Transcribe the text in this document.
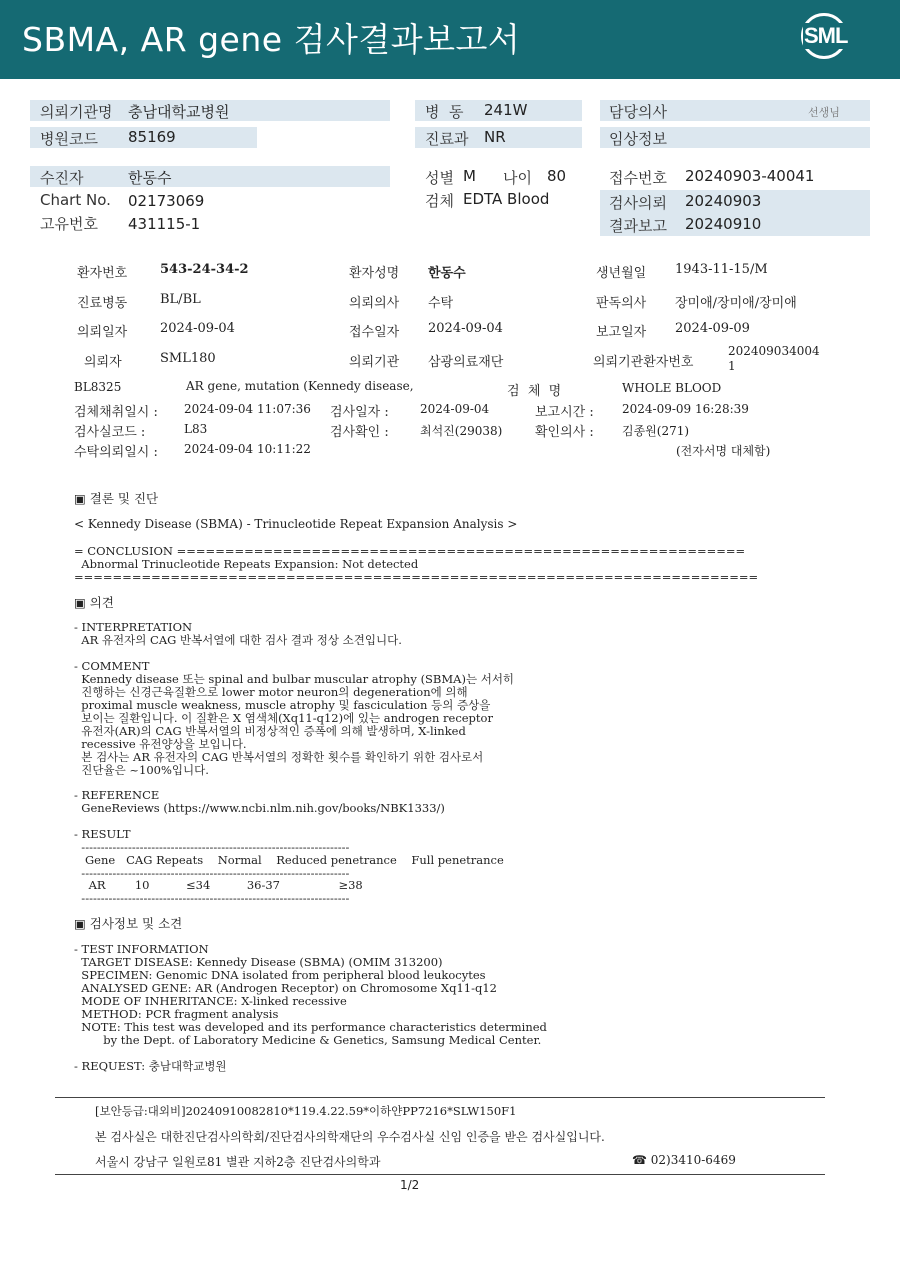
SBMA, AR gene 검사결과보고서	SML
의뢰기관명 충남대학교병원	병  동 241W	담당의사	선생님
병원코드 85169	진료과 NR	임상정보
수진자	한동수	성별 M 나이 80	접수번호 20240903-40041
Chart No. 02173069	검체 EDTA Blood	검사의뢰 20240903
고유번호 431115-1	결과보고 20240910
환자번호	543-24-34-2	환자성명 한동수	생년월일 1943-11-15/M
진료병동	BL/BL	의뢰의사 수탁	판독의사 장미애/장미애/장미애
의뢰일자	2024-09-04	접수일자 2024-09-04	보고일자 2024-09-09
의뢰자	SML180	의뢰기관 삼광의료재단	의뢰기관환자번호
202409034004
1
BL8325	AR gene, mutation (Kennedy disease,	검  체  명	WHOLE BLOOD
검체채취일시 : 2024-09-04 11:07:36 검사일자 :	2024-09-04	보고시간 : 2024-09-09 16:28:39
검사실코드 :	L83	검사확인 :	최석진(29038)	확인의사 : 김종원(271)
수탁의뢰일시 : 2024-09-04 10:11:22	(전자서명 대체함)
▣ 결론 및 진단
< Kennedy Disease (SBMA) - Trinucleotide Repeat Expansion Analysis >
= CONCLUSION ===========================================================
Abnormal Trinucleotide Repeats Expansion: Not detected
=======================================================================
▣ 의견
- INTERPRETATION
AR 유전자의 CAG 반복서열에 대한 검사 결과 정상 소견입니다.
- COMMENT
Kennedy disease 또는 spinal and bulbar muscular atrophy (SBMA)는 서서히
진행하는 신경근육질환으로 lower motor neuron의 degeneration에 의해
proximal muscle weakness, muscle atrophy 및 fasciculation 등의 증상을
보이는 질환입니다. 이 질환은 X 염색체(Xq11-q12)에 있는 androgen receptor
유전자(AR)의 CAG 반복서열의 비정상적인 증폭에 의해 발생하며, X-linked
recessive 유전양상을 보입니다.
본 검사는 AR 유전자의 CAG 반복서열의 정확한 횟수를 확인하기 위한 검사로서
진단율은 ~100%입니다.
- REFERENCE
GeneReviews (https://www.ncbi.nlm.nih.gov/books/NBK1333/)
- RESULT
---------------------------------------------------------------------
Gene   CAG Repeats    Normal    Reduced penetrance    Full penetrance
---------------------------------------------------------------------
AR        10          ≤34          36-37                ≥38
---------------------------------------------------------------------
▣ 검사정보 및 소견
- TEST INFORMATION
TARGET DISEASE: Kennedy Disease (SBMA) (OMIM 313200)
SPECIMEN: Genomic DNA isolated from peripheral blood leukocytes
ANALYSED GENE: AR (Androgen Receptor) on Chromosome Xq11-q12
MODE OF INHERITANCE: X-linked recessive
METHOD: PCR fragment analysis
NOTE: This test was developed and its performance characteristics determined
by the Dept. of Laboratory Medicine & Genetics, Samsung Medical Center.
- REQUEST: 충남대학교병원
[보안등급:대외비]20240910082810*119.4.22.59*이하얀PP7216*SLW150F1
본 검사실은 대한진단검사의학회/진단검사의학재단의 우수검사실 신임 인증을 받은 검사실입니다.
서울시 강남구 일원로81 별관 지하2층 진단검사의학과	☎ 02)3410-6469
1/2
